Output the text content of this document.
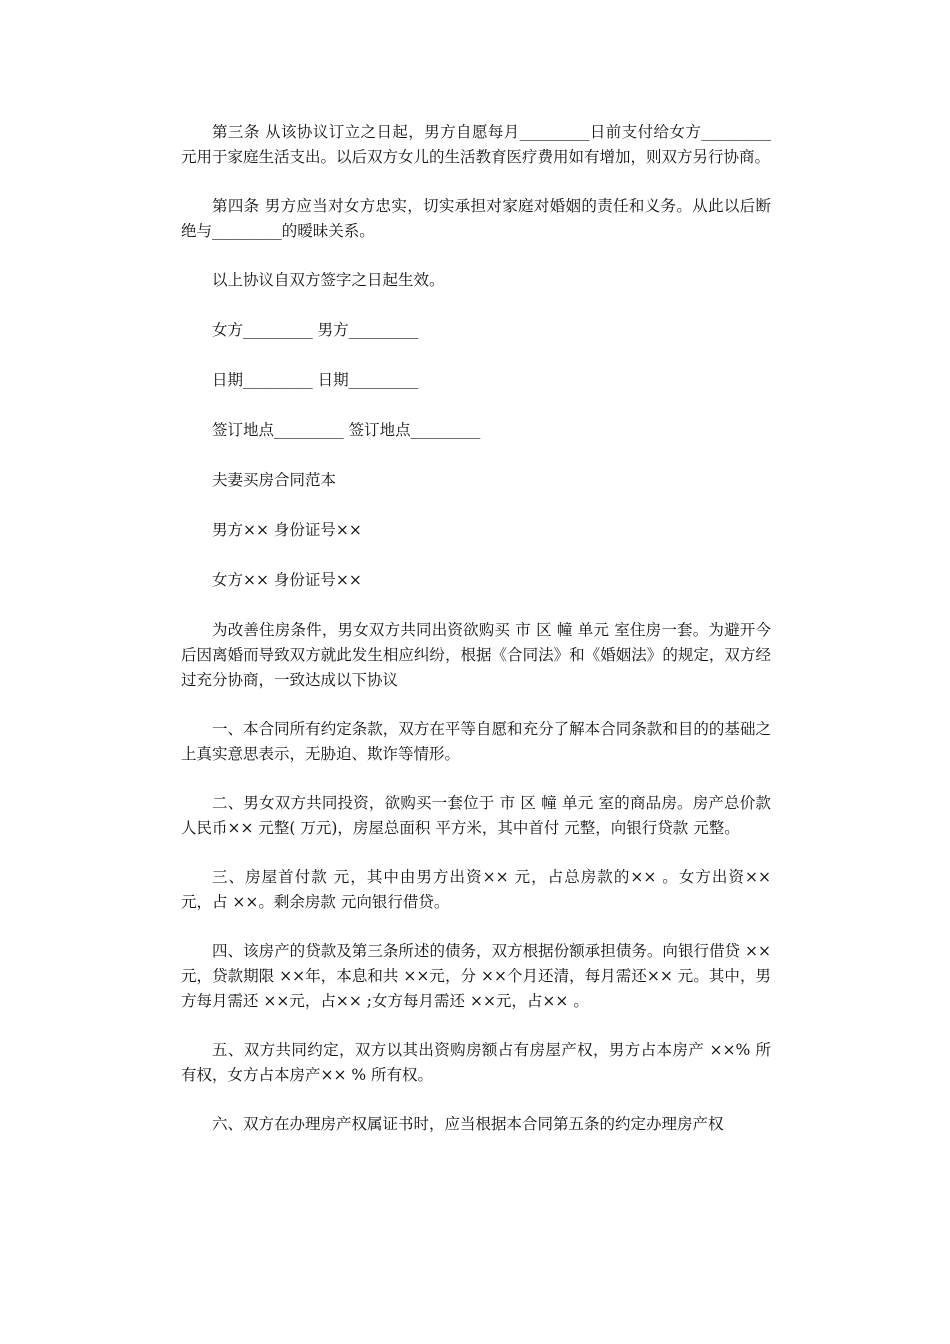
第三条 从该协议订立之日起，男方自愿每月_________日前支付给女方_________元用于家庭生活支出。以后双方女儿的生活教育医疗费用如有增加，则双方另行协商。

第四条 男方应当对女方忠实，切实承担对家庭对婚姻的责任和义务。从此以后断绝与_________的暧昧关系。

以上协议自双方签字之日起生效。

女方_________ 男方_________

日期_________ 日期_________

签订地点_________ 签订地点_________

夫妻买房合同范本

男方×× 身份证号××

女方×× 身份证号××

为改善住房条件，男女双方共同出资欲购买 市 区 幢 单元 室住房一套。为避开今后因离婚而导致双方就此发生相应纠纷，根据《合同法》和《婚姻法》的规定，双方经过充分协商，一致达成以下协议

一、本合同所有约定条款，双方在平等自愿和充分了解本合同条款和目的的基础之上真实意思表示，无胁迫、欺诈等情形。

二、男女双方共同投资，欲购买一套位于 市 区 幢 单元 室的商品房。房产总价款人民币×× 元整( 万元)，房屋总面积 平方米，其中首付 元整，向银行贷款 元整。

三、房屋首付款 元，其中由男方出资×× 元，占总房款的×× 。女方出资×× 元，占 ××。剩余房款 元向银行借贷。

四、该房产的贷款及第三条所述的债务，双方根据份额承担债务。向银行借贷 ××元，贷款期限 ××年，本息和共 ××元，分 ××个月还清，每月需还×× 元。其中，男方每月需还 ××元，占×× ;女方每月需还 ××元，占×× 。

五、双方共同约定，双方以其出资购房额占有房屋产权，男方占本房产 ××% 所有权，女方占本房产×× % 所有权。

六、双方在办理房产权属证书时，应当根据本合同第五条的约定办理房产权
